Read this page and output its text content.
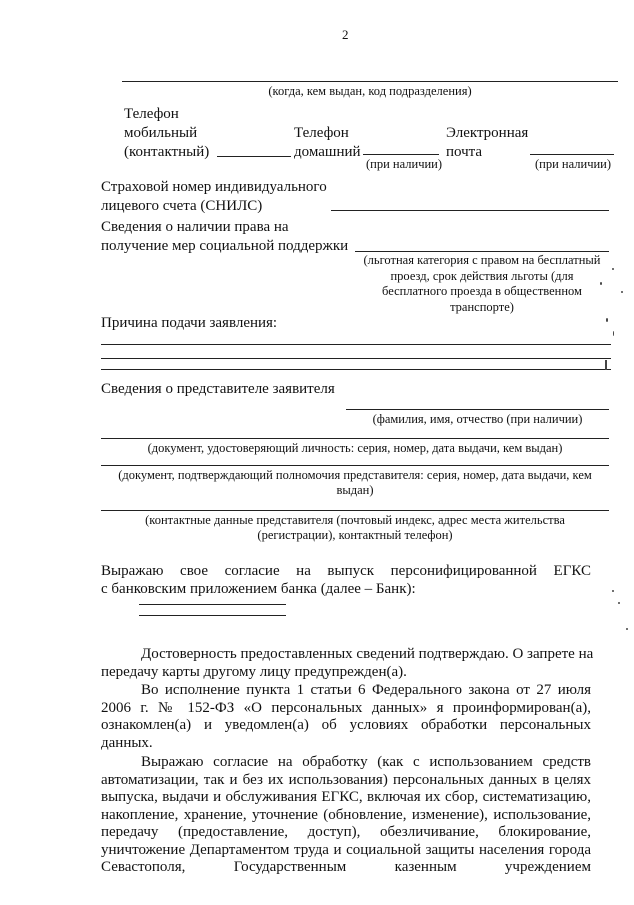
2
(когда, кем выдан, код подразделения)
Телефон
мобильный
(контактный)
Телефон
домашний
(при наличии)
Электронная
почта
(при наличии)
Страховой номер индивидуального
лицевого счета (СНИЛС)
Сведения о наличии права на
получение мер социальной поддержки
(льготная категория с правом на бесплатный
проезд, срок действия льготы (для
бесплатного проезда в общественном
транспорте)
Причина подачи заявления:
Сведения о представителе заявителя
(фамилия, имя, отчество (при наличии)
(документ, удостоверяющий личность: серия, номер, дата выдачи, кем выдан)
(документ, подтверждающий полномочия представителя: серия, номер, дата выдачи, кем
выдан)
(контактные данные представителя (почтовый индекс, адрес места жительства
(регистрации), контактный телефон)
Выражаю свое согласие на выпуск персонифицированной ЕГКС
с банковским приложением банка (далее – Банк):
Достоверность предоставленных сведений подтверждаю. О запрете на
передачу карты другому лицу предупрежден(а).
Во исполнение пункта 1 статьи 6 Федерального закона от 27 июля
2006 г. № 152-ФЗ «О персональных данных» я проинформирован(а),
ознакомлен(а) и уведомлен(а) об условиях обработки персональных
данных.
Выражаю согласие на обработку (как с использованием средств
автоматизации, так и без их использования) персональных данных в целях
выпуска, выдачи и обслуживания ЕГКС, включая их сбор, систематизацию,
накопление, хранение, уточнение (обновление, изменение), использование,
передачу (предоставление, доступ), обезличивание, блокирование,
уничтожение Департаментом труда и социальной защиты населения города
Севастополя, Государственным казенным учреждением
